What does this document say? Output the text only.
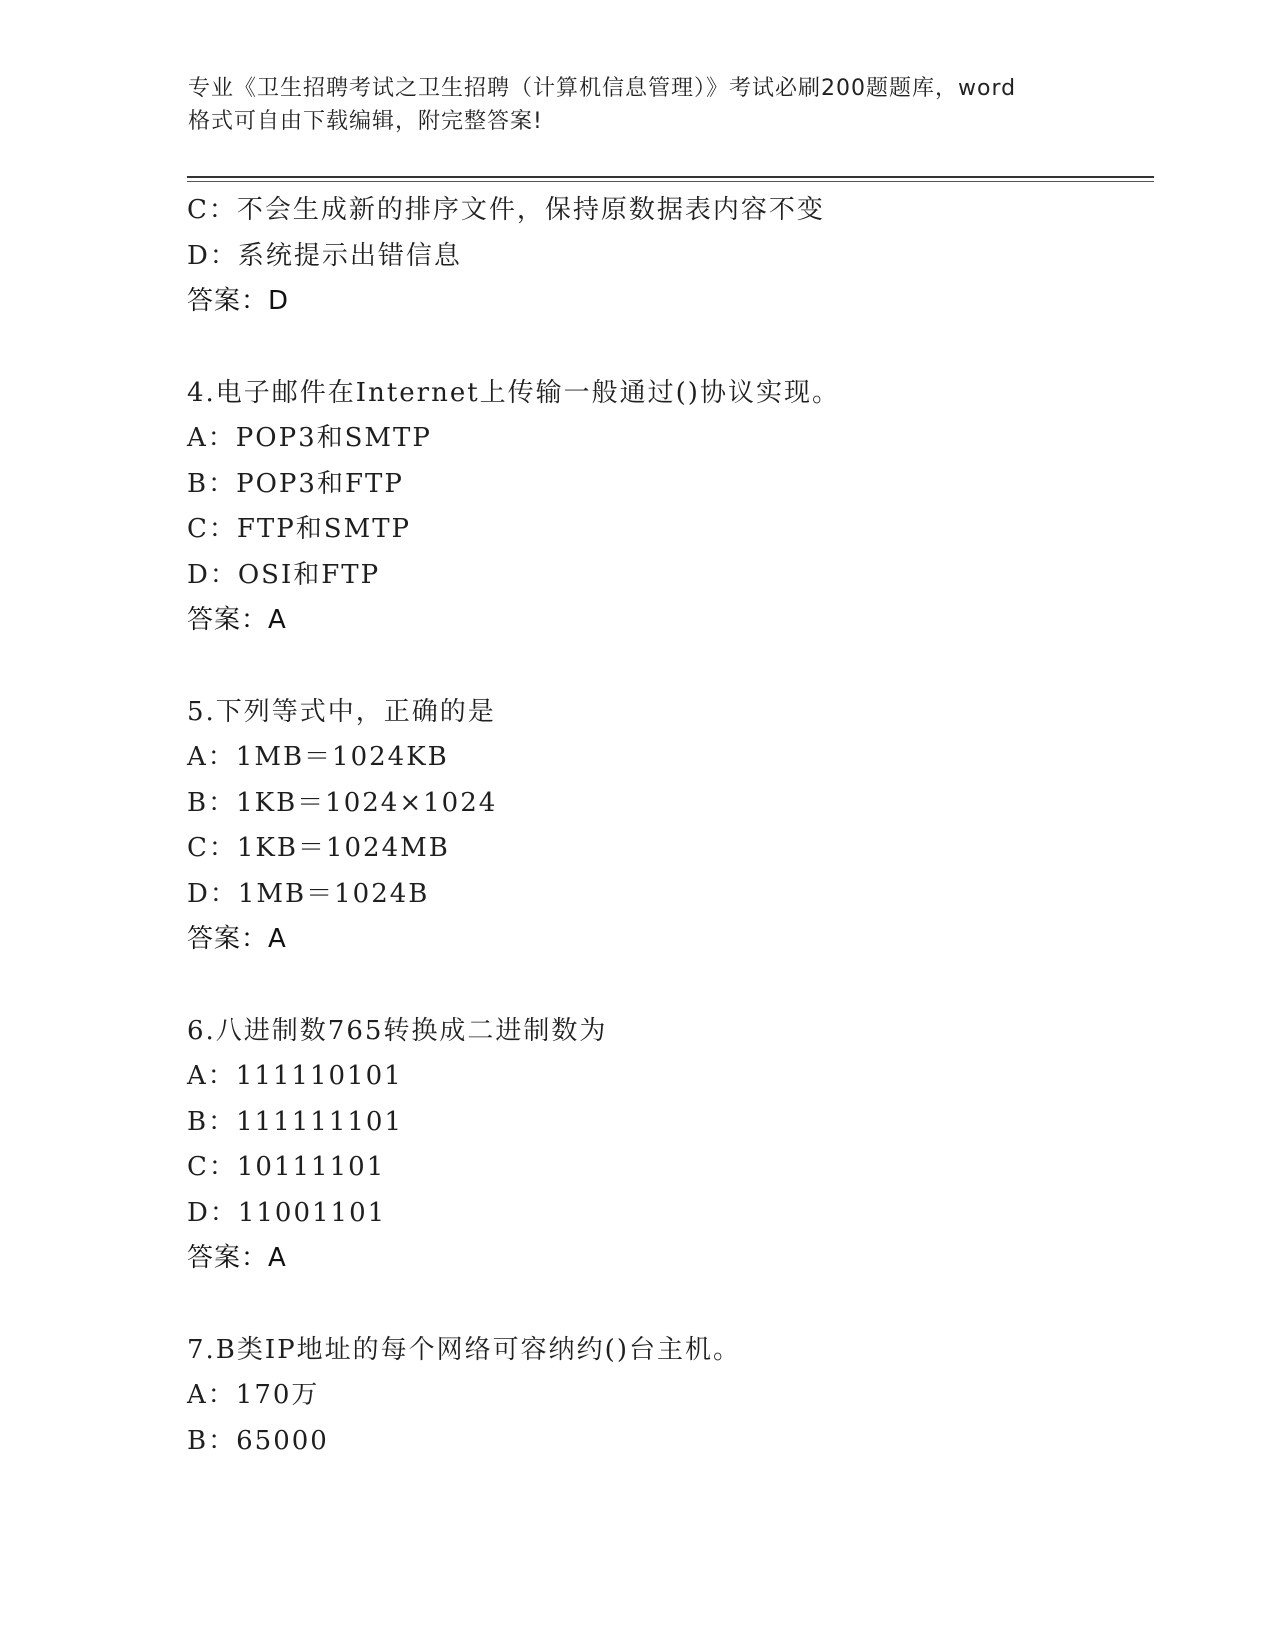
专业《卫生招聘考试之卫生招聘（计算机信息管理）》考试必刷200题题库，word
格式可自由下载编辑，附完整答案!
C：不会生成新的排序文件，保持原数据表内容不变
D：系统提示出错信息
答案：D
4.电子邮件在Internet上传输一般通过()协议实现。
A：POP3和SMTP
B：POP3和FTP
C：FTP和SMTP
D：OSI和FTP
答案：A
5.下列等式中，正确的是
A：1MB＝1024KB
B：1KB＝1024×1024
C：1KB＝1024MB
D：1MB＝1024B
答案：A
6.八进制数765转换成二进制数为
A：111110101
B：111111101
C：10111101
D：11001101
答案：A
7.B类IP地址的每个网络可容纳约()台主机。
A：170万
B：65000
